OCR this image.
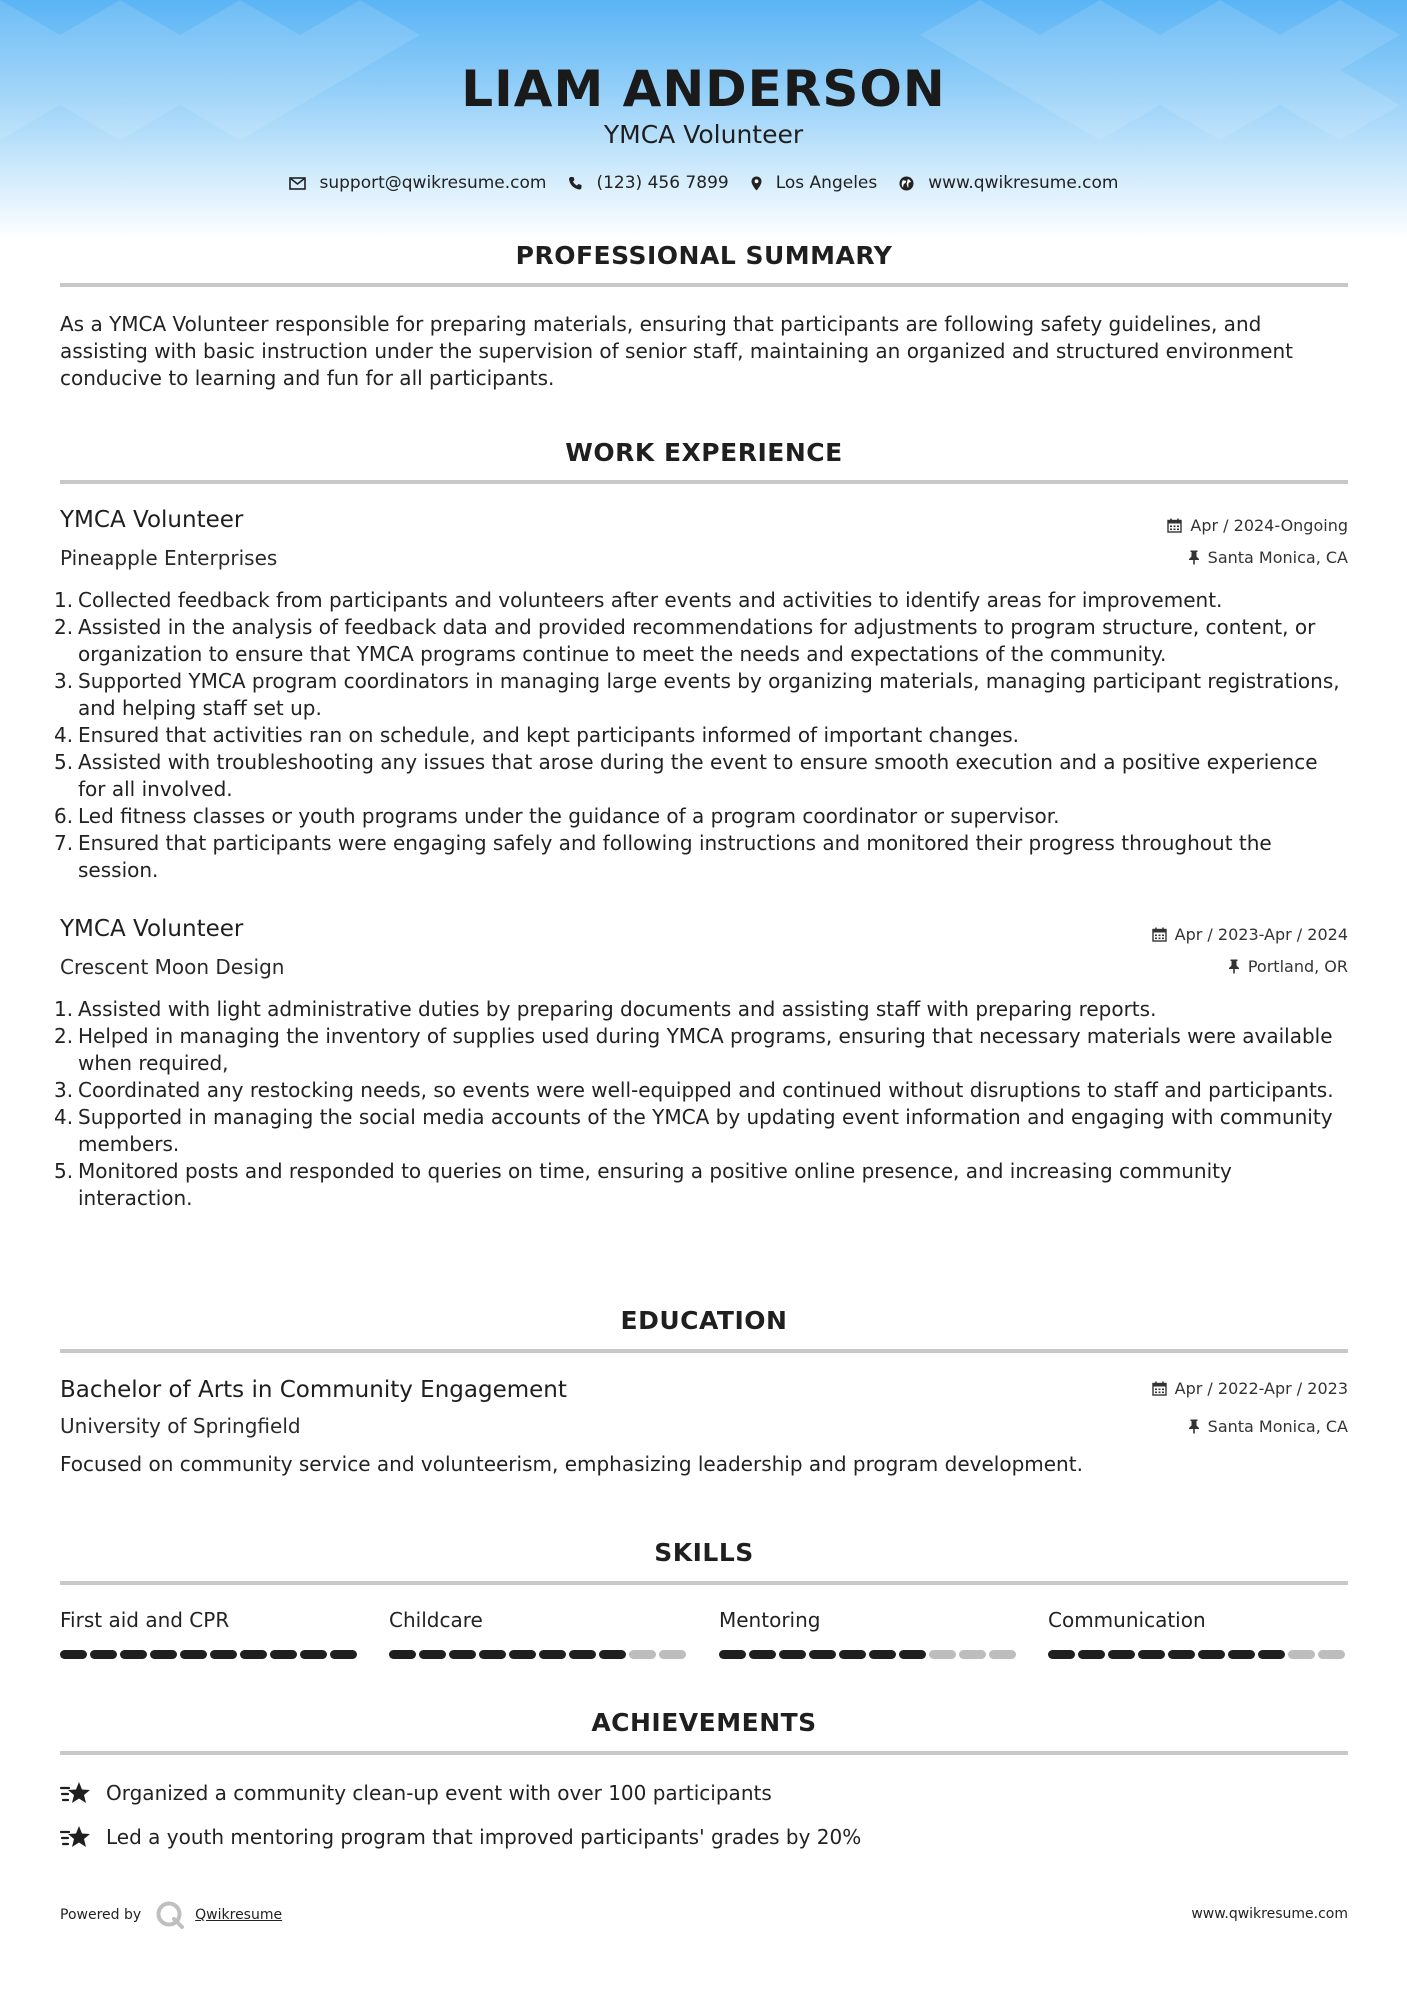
LIAM ANDERSON
YMCA Volunteer
support@qwikresume.com	(123) 456 7899	Los Angeles	www.qwikresume.com
PROFESSIONAL SUMMARY
As a YMCA Volunteer responsible for preparing materials, ensuring that participants are following safety guidelines, and assisting with basic instruction under the supervision of senior staff, maintaining an organized and structured environment conducive to learning and fun for all participants.
WORK EXPERIENCE
YMCA Volunteer	Apr / 2024-Ongoing
Pineapple Enterprises	Santa Monica, CA
1. Collected feedback from participants and volunteers after events and activities to identify areas for improvement.
2. Assisted in the analysis of feedback data and provided recommendations for adjustments to program structure, content, or organization to ensure that YMCA programs continue to meet the needs and expectations of the community.
3. Supported YMCA program coordinators in managing large events by organizing materials, managing participant registrations, and helping staff set up.
4. Ensured that activities ran on schedule, and kept participants informed of important changes.
5. Assisted with troubleshooting any issues that arose during the event to ensure smooth execution and a positive experience for all involved.
6. Led fitness classes or youth programs under the guidance of a program coordinator or supervisor.
7. Ensured that participants were engaging safely and following instructions and monitored their progress throughout the session.
YMCA Volunteer	Apr / 2023-Apr / 2024
Crescent Moon Design	Portland, OR
1. Assisted with light administrative duties by preparing documents and assisting staff with preparing reports.
2. Helped in managing the inventory of supplies used during YMCA programs, ensuring that necessary materials were available when required,
3. Coordinated any restocking needs, so events were well-equipped and continued without disruptions to staff and participants.
4. Supported in managing the social media accounts of the YMCA by updating event information and engaging with community members.
5. Monitored posts and responded to queries on time, ensuring a positive online presence, and increasing community interaction.
EDUCATION
Bachelor of Arts in Community Engagement	Apr / 2022-Apr / 2023
University of Springfield	Santa Monica, CA
Focused on community service and volunteerism, emphasizing leadership and program development.
SKILLS
First aid and CPR	Childcare	Mentoring	Communication
ACHIEVEMENTS
Organized a community clean-up event with over 100 participants
Led a youth mentoring program that improved participants' grades by 20%
Powered by	Qwikresume	www.qwikresume.com
